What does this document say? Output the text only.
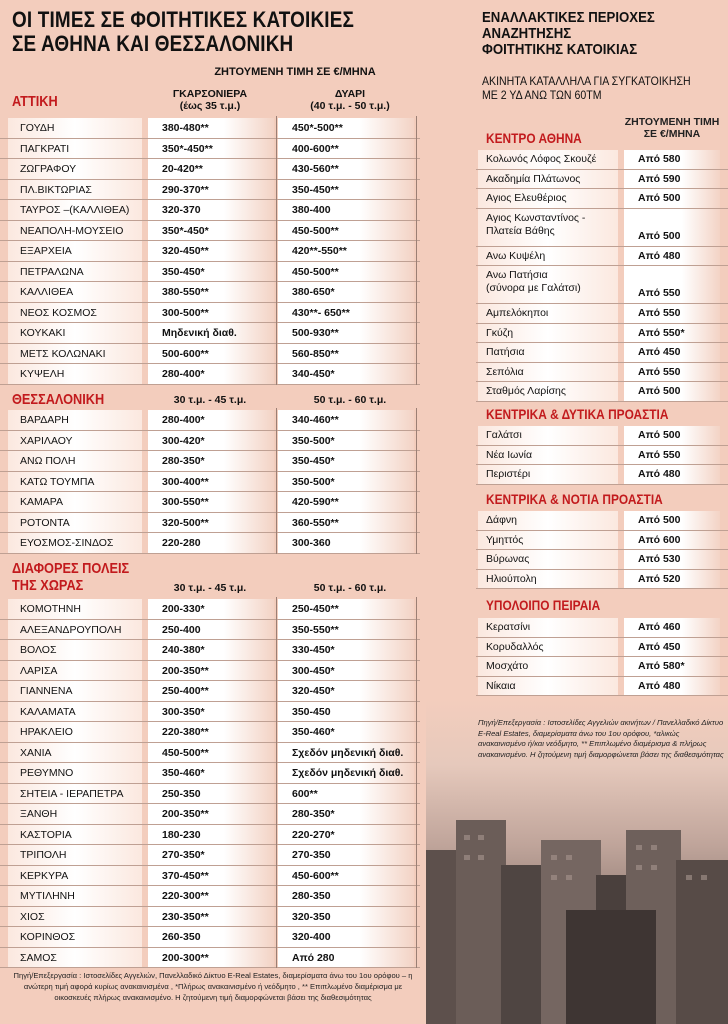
ΟΙ ΤΙΜΕΣ ΣΕ ΦΟΙΤΗΤΙΚΕΣ ΚΑΤΟΙΚΙΕΣ
ΣΕ ΑΘΗΝΑ ΚΑΙ ΘΕΣΣΑΛΟΝΙΚΗ
ΖΗΤΟΥΜΕΝΗ ΤΙΜΗ ΣΕ €/ΜΗΝΑ
ΑΤΤΙΚΗ	ΓΚΑΡΣΟΝΙΕΡΑ
(έως 35 τ.μ.)
ΔΥΑΡΙ
(40 τ.μ. - 50 τ.μ.)
ΓΟΥΔΗ	380-480**	450*-500**
ΠΑΓΚΡΑΤΙ	350*-450**	400-600**
ΖΩΓΡΑΦΟΥ	20-420**	430-560**
ΠΛ.ΒΙΚΤΩΡΙΑΣ	290-370**	350-450**
ΤΑΥΡΟΣ –(ΚΑΛΛΙΘΕΑ)	320-370	380-400
ΝΕΑΠΟΛΗ-ΜΟΥΣΕΙΟ	350*-450*	450-500**
ΕΞΑΡΧΕΙΑ	320-450**	420**-550**
ΠΕΤΡΑΛΩΝΑ	350-450*	450-500**
ΚΑΛΛΙΘΕΑ	380-550**	380-650*
ΝΕΟΣ ΚΟΣΜΟΣ	300-500**	430**- 650**
ΚΟΥΚΑΚΙ	Μηδενική διαθ.	500-930**
ΜΕΤΣ ΚΟΛΩΝΑΚΙ	500-600**	560-850**
ΚΥΨΕΛΗ	280-400*	340-450*
ΘΕΣΣΑΛΟΝΙΚΗ	30 τ.μ. - 45 τ.μ.	50 τ.μ. - 60 τ.μ.
ΒΑΡΔΑΡΗ	280-400*	340-460**
ΧΑΡΙΛΑΟΥ	300-420*	350-500*
ΑΝΩ ΠΟΛΗ	280-350*	350-450*
ΚΑΤΩ ΤΟΥΜΠΑ	300-400**	350-500*
ΚΑΜΑΡΑ	300-550**	420-590**
ΡΟΤΟΝΤΑ	320-500**	360-550**
ΕΥΟΣΜΟΣ-ΣΙΝΔΟΣ	220-280	300-360
ΔΙΑΦΟΡΕΣ ΠΟΛΕΙΣ
ΤΗΣ ΧΩΡΑΣ	30 τ.μ. - 45 τ.μ.	50 τ.μ. - 60 τ.μ.
ΚΟΜΟΤΗΝΗ	200-330*	250-450**
ΑΛΕΞΑΝΔΡΟΥΠΟΛΗ	250-400	350-550**
ΒΟΛΟΣ	240-380*	330-450*
ΛΑΡΙΣΑ	200-350**	300-450*
ΓΙΑΝΝΕΝΑ	250-400**	320-450*
ΚΑΛΑΜΑΤΑ	300-350*	350-450
ΗΡΑΚΛΕΙΟ	220-380**	350-460*
ΧΑΝΙΑ	450-500**	Σχεδόν μηδενική διαθ.
ΡΕΘΥΜΝΟ	350-460*	Σχεδόν μηδενική διαθ.
ΣΗΤΕΙΑ - ΙΕΡΑΠΕΤΡΑ	250-350	600**
ΞΑΝΘΗ	200-350**	280-350*
ΚΑΣΤΟΡΙΑ	180-230	220-270*
ΤΡΙΠΟΛΗ	270-350*	270-350
ΚΕΡΚΥΡΑ	370-450**	450-600**
ΜΥΤΙΛΗΝΗ	220-300**	280-350
ΧΙΟΣ	230-350**	320-350
ΚΟΡΙΝΘΟΣ	260-350	320-400
ΣΑΜΟΣ	200-300**	Από 280
Πηγή/Επεξεργασία : Ιστοσελίδες Αγγελιών, Πανελλαδικό Δίκτυο E-Real Estates, διαμερίσματα άνω του 1ου ορόφου – η ανώτερη τιμή αφορά κυρίως ανακαινισμένα , *Πλήρως ανακαινισμένο ή νεόδμητο , ** Επιπλωμένο διαμέρισμα με οικοσκευές πλήρως ανακαινισμένο. Η ζητούμενη τιμή διαμορφώνεται βάσει της διαθεσιμότητας
ΕΝΑΛΛΑΚΤΙΚΕΣ ΠΕΡΙΟΧΕΣ
ΑΝΑΖΗΤΗΣΗΣ
ΦΟΙΤΗΤΙΚΗΣ ΚΑΤΟΙΚΙΑΣ
ΑΚΙΝΗΤΑ ΚΑΤΑΛΛΗΛΑ ΓΙΑ ΣΥΓΚΑΤΟΙΚΗΣΗ
ΜΕ 2 ΥΔ ΑΝΩ ΤΩΝ 60ΤΜ
ΖΗΤΟΥΜΕΝΗ ΤΙΜΗ
ΣΕ €/ΜΗΝΑ
ΚΕΝΤΡΟ ΑΘΗΝΑ
Κολωνός Λόφος Σκουζέ	Από 580
Ακαδημία Πλάτωνος	Από 590
Αγιος Ελευθέριος	Από 500
Αγιος Κωνσταντίνος -
Πλατεία Βάθης	Από 500
Ανω Κυψέλη	Από 480
Ανω Πατήσια
(σύνορα με Γαλάτσι)	Από 550
Αμπελόκηποι	Από 550
Γκύζη	Από 550*
Πατήσια	Από 450
Σεπόλια	Από 550
Σταθμός Λαρίσης	Από 500
ΚΕΝΤΡΙΚΑ & ΔΥΤΙΚΑ ΠΡΟΑΣΤΙΑ
Γαλάτσι	Από 500
Νέα Ιωνία	Από 550
Περιστέρι	Από 480
ΚΕΝΤΡΙΚΑ & ΝΟΤΙΑ ΠΡΟΑΣΤΙΑ
Δάφνη	Από 500
Υμηττός	Από 600
Βύρωνας	Από 530
Ηλιούπολη	Από 520
ΥΠΟΛΟΙΠΟ ΠΕΙΡΑΙΑ
Κερατσίνι	Από 460
Κορυδαλλός	Από 450
Μοσχάτο	Από 580*
Νίκαια	Από 480
Πηγή/Επεξεργασία : Ιστοσελίδες Αγγελιών ακινήτων / Πανελλαδικό Δίκτυο E-Real Estates, διαμερίσματα άνω του 1ου ορόφου, *αλικώς ανακαινισμένο ή/και νεόδμητο, ** Επιπλωμένο διαμέρισμα & πλήρως ανακαινισμένο. Η ζητούμενη τιμή διαμορφώνεται βάσει της διαθεσιμότητας
